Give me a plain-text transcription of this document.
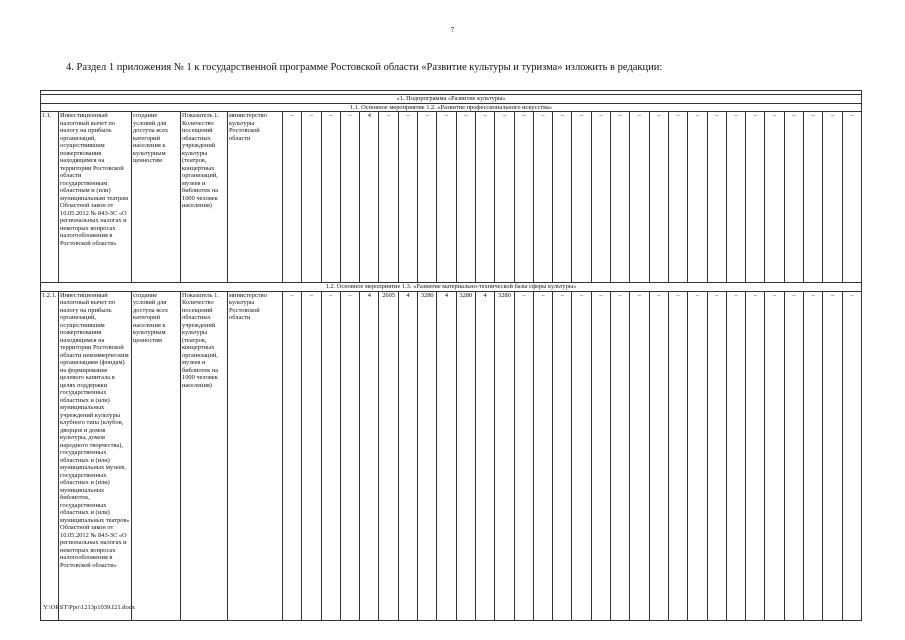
7
4. Раздел 1 приложения № 1 к государственной программе Ростовской области «Развитие культуры и туризма» изложить в редакции:

«1. Подпрограмма «Развитие культуры»																																		
1.1. Основное мероприятие 1.2. «Развитие профессионального искусства»																																		
1.1.	Инвестиционный налоговый вычет по налогу на прибыль организаций, осуществившим пожертвования находящимся на территории Ростовской области государственным областным и (или) муниципальным театрам Областной закон от 10.05.2012 № 843-ЗС «О региональных налогах и некоторых вопросах налогообложения в Ростовской области»	создание условий для доступа всех категорий населения к культурным ценностям	Показатель 1. Количество посещений областных учреждений культуры (театров, концертных организаций, музеев и библиотек на 1000 человек населения)	министерство культуры Ростовской области	–	–	–	–	4	–	–	–	–	–	–	–	–	–	–	–	–	–	–	–	–	–	–	–	–	–	–	–	–	–
1.2. Основное мероприятие 1.3. «Развитие материально-технической базы сферы культуры»																																		
1.2.1.	Инвестиционный налоговый вычет по налогу на прибыль организаций, осуществившим пожертвования находящимся на территории Ростовской области некоммерческим организациям (фондам) на формирование целевого капитала в целях поддержки государственных областных и (или) муниципальных учреждений культуры клубного типа (клубов, дворцов и домов культуры, домов народного творчества), государственных областных и (или) муниципальных музеев, государственных областных и (или) муниципальных библиотек, государственных областных и (или) муниципальных театров» Областной закон от 10.05.2012 № 843-ЗС «О региональных налогах и некоторых вопросах налогообложения в Ростовской области»	создание условий для доступа всех категорий населения к культурным ценностям	Показатель 1. Количество посещений областных учреждений культуры (театров, концертных организаций, музеев и библиотек на 1000 человек населения)	министерство культуры Ростовской области	–	–	–	–	4	2605	4	3280	4	3280	4	3280	–	–	–	–	–	–	–	–	–	–	–	–	–	–	–	–	–	–
Y:\ORST\Ppo\1213p1039.f21.docx
